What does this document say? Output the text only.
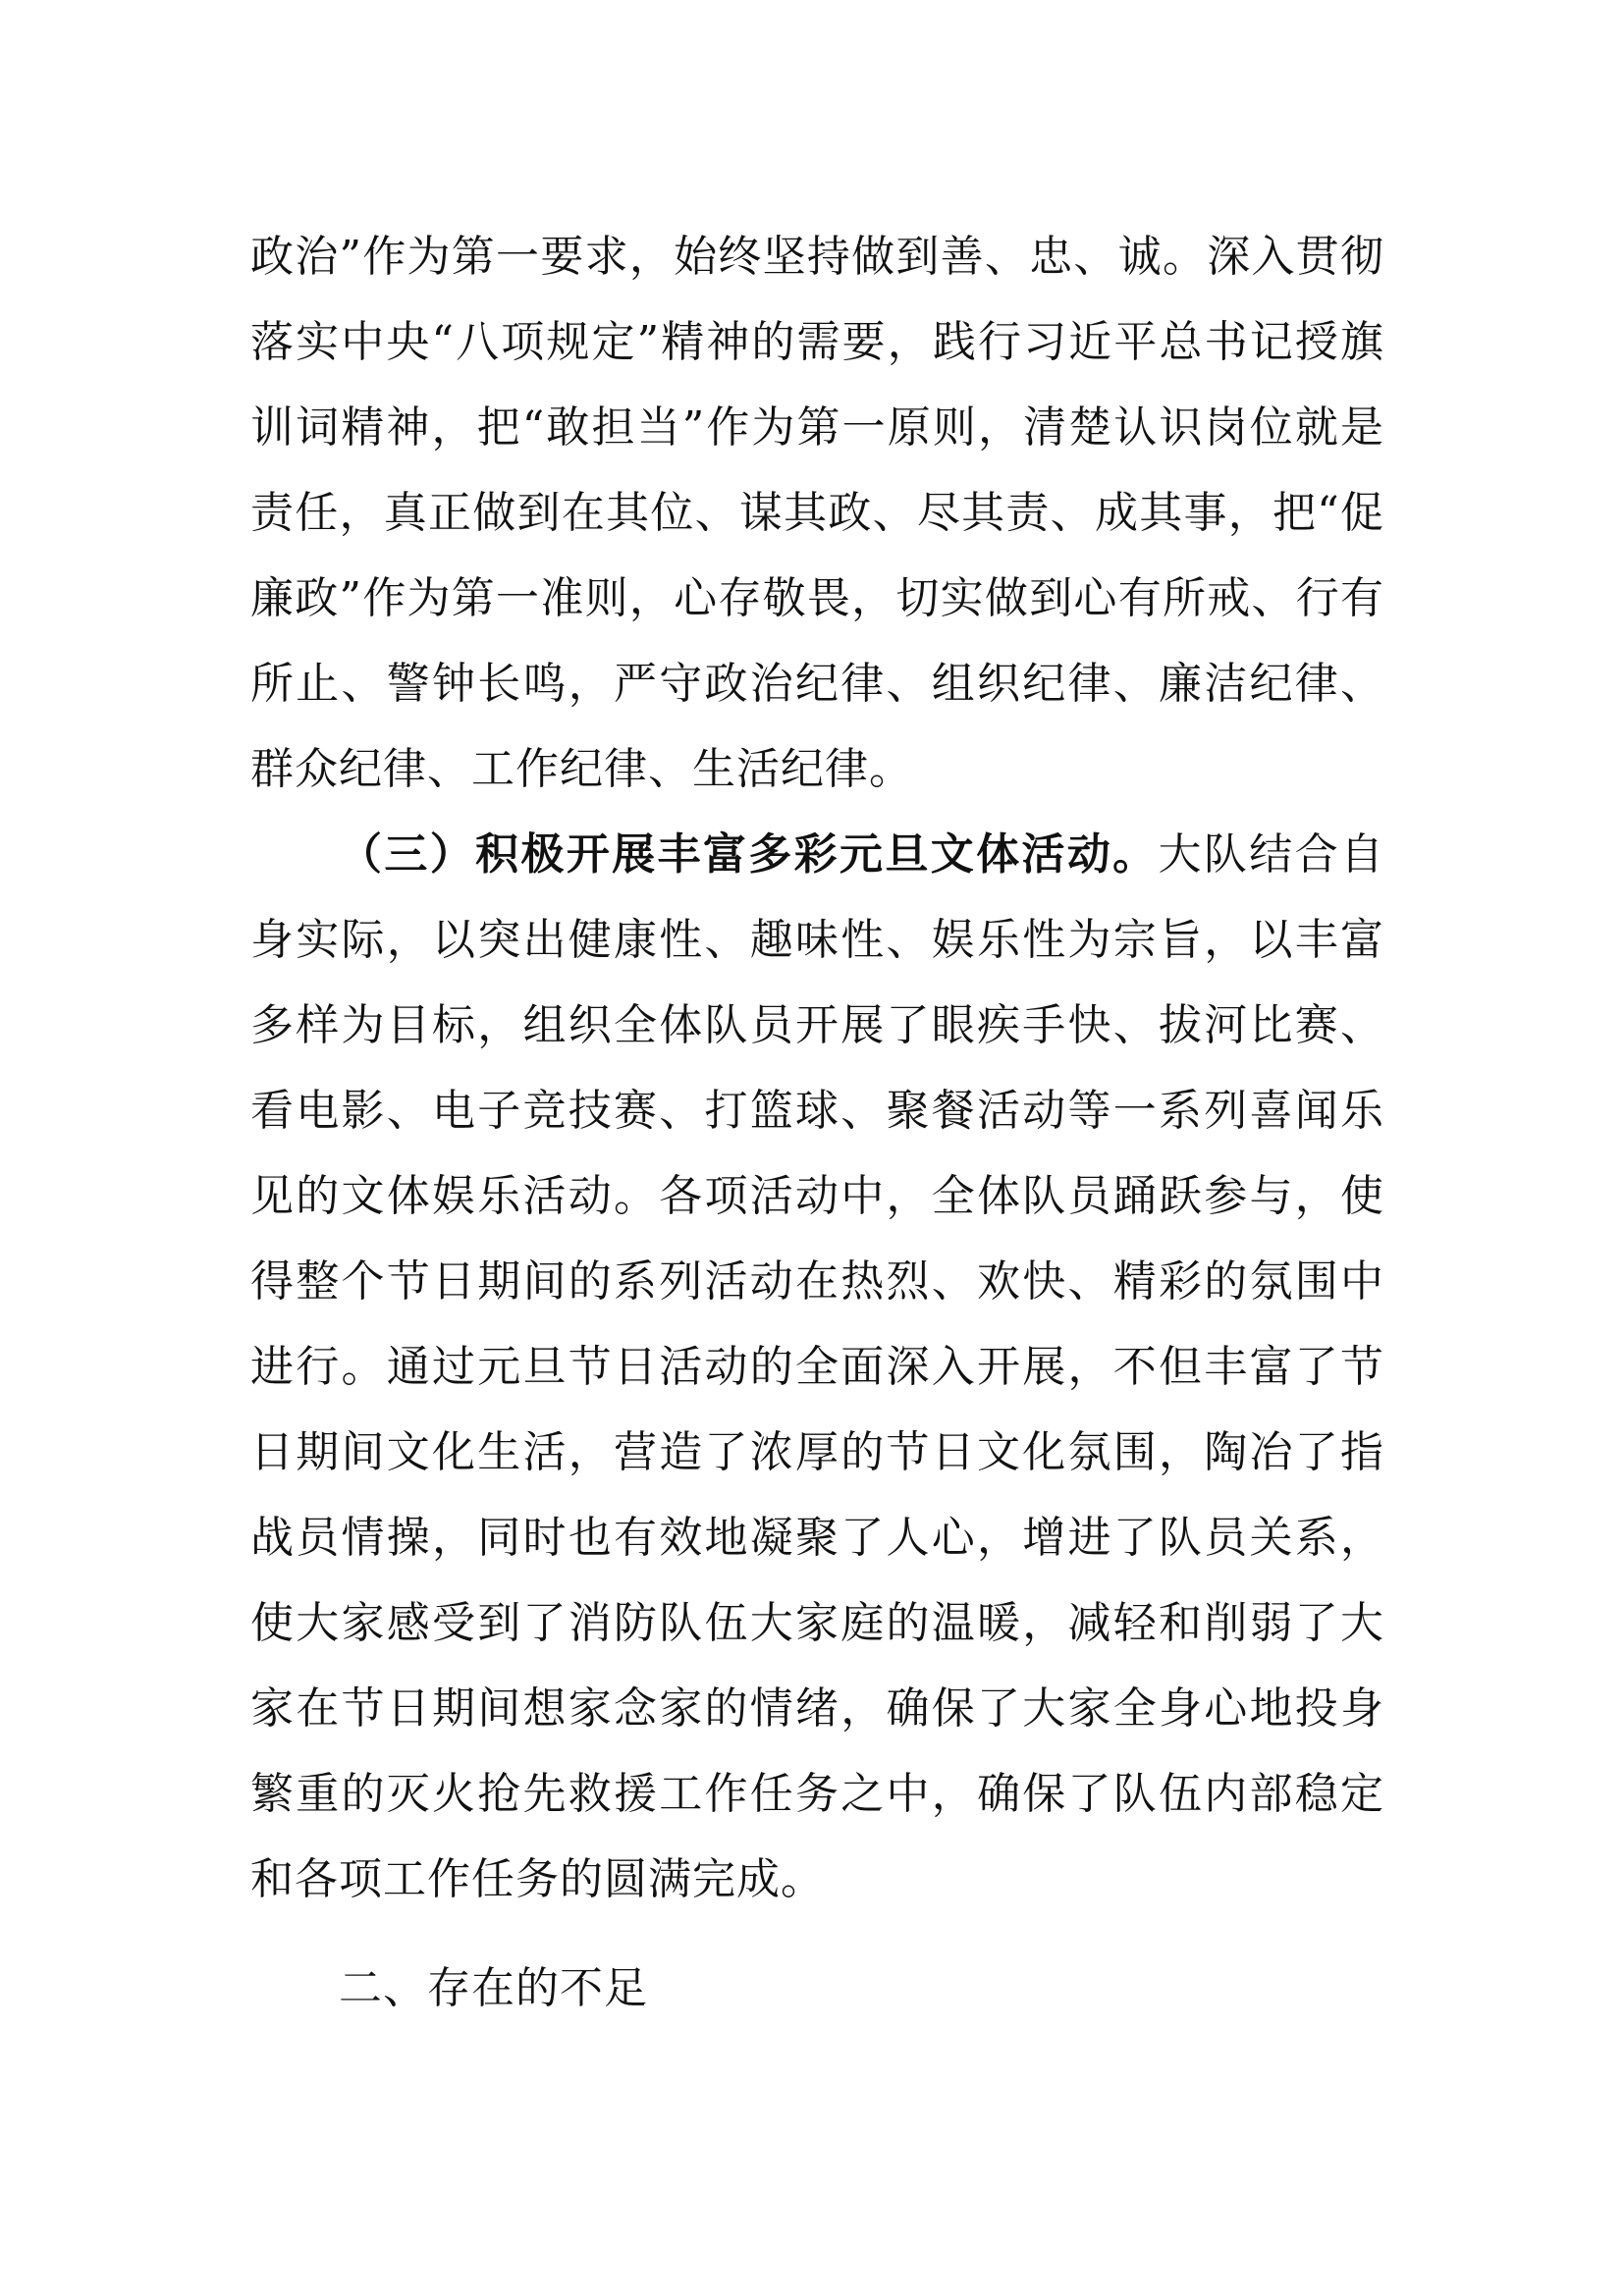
政治”作为第一要求，始终坚持做到善、忠、诚。深入贯彻落实中央“八项规定”精神的需要，践行习近平总书记授旗训词精神，把“敢担当”作为第一原则，清楚认识岗位就是责任，真正做到在其位、谋其政、尽其责、成其事，把“促廉政”作为第一准则，心存敬畏，切实做到心有所戒、行有所止、警钟长鸣，严守政治纪律、组织纪律、廉洁纪律、群众纪律、工作纪律、生活纪律。

（三）积极开展丰富多彩元旦文体活动。大队结合自身实际，以突出健康性、趣味性、娱乐性为宗旨，以丰富多样为目标，组织全体队员开展了眼疾手快、拔河比赛、看电影、电子竞技赛、打篮球、聚餐活动等一系列喜闻乐见的文体娱乐活动。各项活动中，全体队员踊跃参与，使得整个节日期间的系列活动在热烈、欢快、精彩的氛围中进行。通过元旦节日活动的全面深入开展，不但丰富了节日期间文化生活，营造了浓厚的节日文化氛围，陶冶了指战员情操，同时也有效地凝聚了人心，增进了队员关系，使大家感受到了消防队伍大家庭的温暖，减轻和削弱了大家在节日期间想家念家的情绪，确保了大家全身心地投身繁重的灭火抢先救援工作任务之中，确保了队伍内部稳定和各项工作任务的圆满完成。

二、存在的不足
